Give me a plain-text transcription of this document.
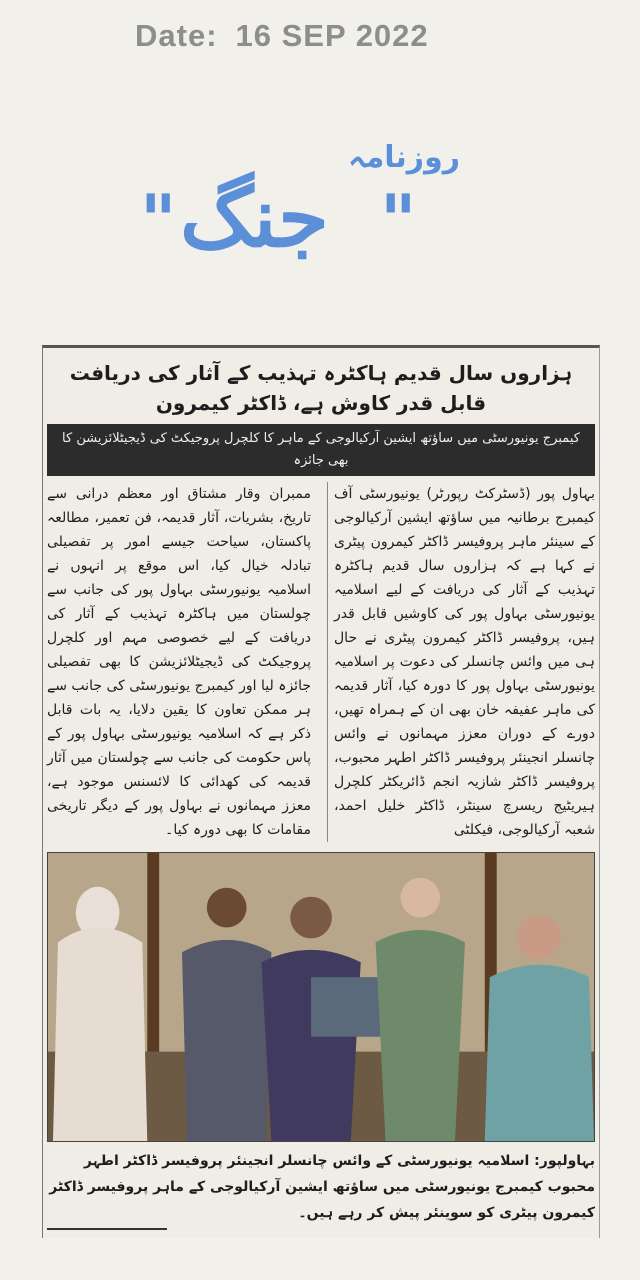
Date: 16 SEP 2022
روزنامہ
" جنگ "
ہزاروں سال قدیم ہاکٹرہ تہذیب کے آثار کی دریافت قابل قدر کاوش ہے، ڈاکٹر کیمرون
کیمبرج یونیورسٹی میں ساؤتھ ایشین آرکیالوجی کے ماہر کا کلچرل پروجیکٹ کی ڈیجیٹلائزیشن کا بھی جائزہ

بہاول پور (ڈسٹرکٹ رپورٹر) یونیورسٹی آف کیمبرج برطانیہ میں ساؤتھ ایشین آرکیالوجی کے سینئر ماہر پروفیسر ڈاکٹر کیمرون پیٹری نے کہا ہے کہ ہزاروں سال قدیم ہاکٹرہ تہذیب کے آثار کی دریافت کے لیے اسلامیہ یونیورسٹی بہاول پور کی کاوشیں قابل قدر ہیں، پروفیسر ڈاکٹر کیمرون پیٹری نے حال ہی میں وائس چانسلر کی دعوت پر اسلامیہ یونیورسٹی بہاول پور کا دورہ کیا، آثار قدیمہ کی ماہر عفیفہ خان بھی ان کے ہمراہ تھیں، دورے کے دوران معزز مہمانوں نے وائس چانسلر انجینئر پروفیسر ڈاکٹر اطہر محبوب، پروفیسر ڈاکٹر شازیہ انجم ڈائریکٹر کلچرل ہیریٹیج ریسرچ سینٹر، ڈاکٹر خلیل احمد، شعبہ آرکیالوجی، فیکلٹی

ممبران وقار مشتاق اور معظم درانی سے تاریخ، بشریات، آثار قدیمہ، فن تعمیر، مطالعہ پاکستان، سیاحت جیسے امور پر تفصیلی تبادلہ خیال کیا، اس موقع پر انہوں نے اسلامیہ یونیورسٹی بہاول پور کی جانب سے چولستان میں ہاکٹرہ تہذیب کے آثار کی دریافت کے لیے خصوصی مہم اور کلچرل پروجیکٹ کی ڈیجیٹلائزیشن کا بھی تفصیلی جائزہ لیا اور کیمبرج یونیورسٹی کی جانب سے ہر ممکن تعاون کا یقین دلایا، یہ بات قابل ذکر ہے کہ اسلامیہ یونیورسٹی بہاول پور کے پاس حکومت کی جانب سے چولستان میں آثار قدیمہ کی کھدائی کا لائسنس موجود ہے، معزز مہمانوں نے بہاول پور کے دیگر تاریخی مقامات کا بھی دورہ کیا۔

بہاولپور: اسلامیہ یونیورسٹی کے وائس چانسلر انجینئر پروفیسر ڈاکٹر اطہر محبوب کیمبرج یونیورسٹی میں ساؤتھ ایشین آرکیالوجی کے ماہر پروفیسر ڈاکٹر کیمرون پیٹری کو سوینئر پیش کر رہے ہیں۔
